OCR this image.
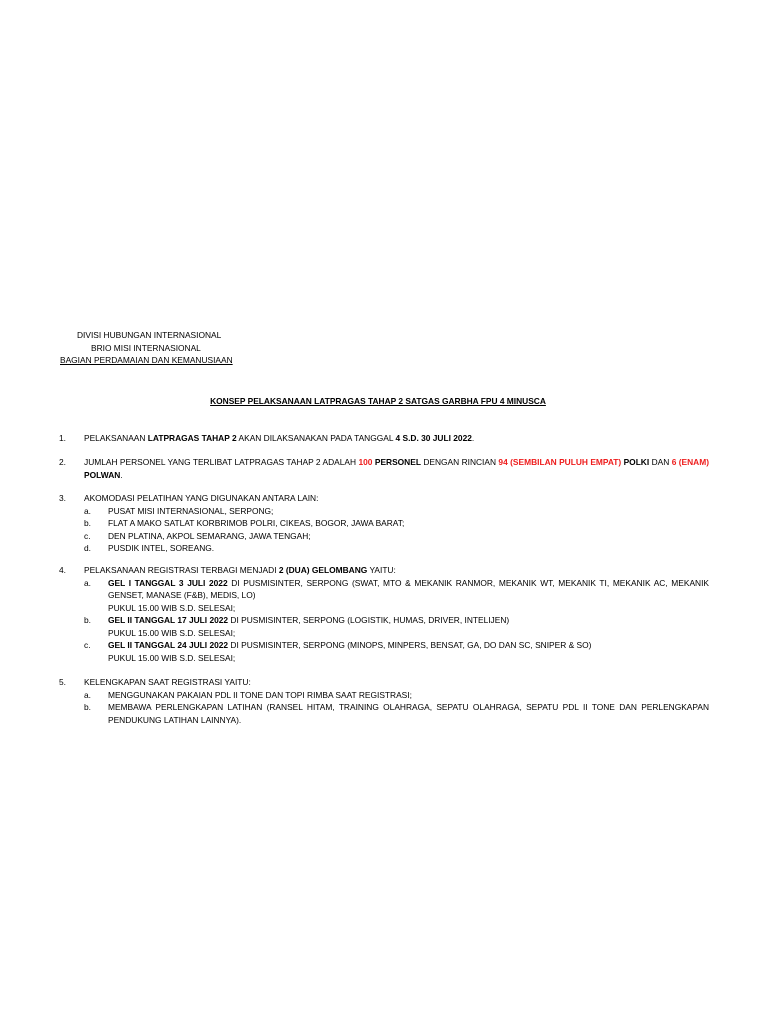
DIVISI HUBUNGAN INTERNASIONAL
BRIO MISI INTERNASIONAL
BAGIAN PERDAMAIAN DAN KEMANUSIAAN
KONSEP PELAKSANAAN LATPRAGAS TAHAP 2 SATGAS GARBHA FPU 4 MINUSCA
1. PELAKSANAAN LATPRAGAS TAHAP 2 AKAN DILAKSANAKAN PADA TANGGAL 4 S.D. 30 JULI 2022.
2. JUMLAH PERSONEL YANG TERLIBAT LATPRAGAS TAHAP 2 ADALAH 100 PERSONEL DENGAN RINCIAN 94 (SEMBILAN PULUH EMPAT) POLKI DAN 6 (ENAM) POLWAN.
3. AKOMODASI PELATIHAN YANG DIGUNAKAN ANTARA LAIN:
a. PUSAT MISI INTERNASIONAL, SERPONG;
b. FLAT A MAKO SATLAT KORBRIMOB POLRI, CIKEAS, BOGOR, JAWA BARAT;
c. DEN PLATINA, AKPOL SEMARANG, JAWA TENGAH;
d. PUSDIK INTEL, SOREANG.
4. PELAKSANAAN REGISTRASI TERBAGI MENJADI 2 (DUA) GELOMBANG YAITU:
a. GEL I TANGGAL 3 JULI 2022 DI PUSMISINTER, SERPONG (SWAT, MTO & MEKANIK RANMOR, MEKANIK WT, MEKANIK TI, MEKANIK AC, MEKANIK GENSET, MANASE (F&B), MEDIS, LO)
PUKUL 15.00 WIB S.D. SELESAI;
b. GEL II TANGGAL 17 JULI 2022 DI PUSMISINTER, SERPONG (LOGISTIK, HUMAS, DRIVER, INTELIJEN)
PUKUL 15.00 WIB S.D. SELESAI;
c. GEL II TANGGAL 24 JULI 2022 DI PUSMISINTER, SERPONG (MINOPS, MINPERS, BENSAT, GA, DO DAN SC, SNIPER & SO)
PUKUL 15.00 WIB S.D. SELESAI;
5. KELENGKAPAN SAAT REGISTRASI YAITU:
a. MENGGUNAKAN PAKAIAN PDL II TONE DAN TOPI RIMBA SAAT REGISTRASI;
b. MEMBAWA PERLENGKAPAN LATIHAN (RANSEL HITAM, TRAINING OLAHRAGA, SEPATU OLAHRAGA, SEPATU PDL II TONE DAN PERLENGKAPAN PENDUKUNG LATIHAN LAINNYA).
